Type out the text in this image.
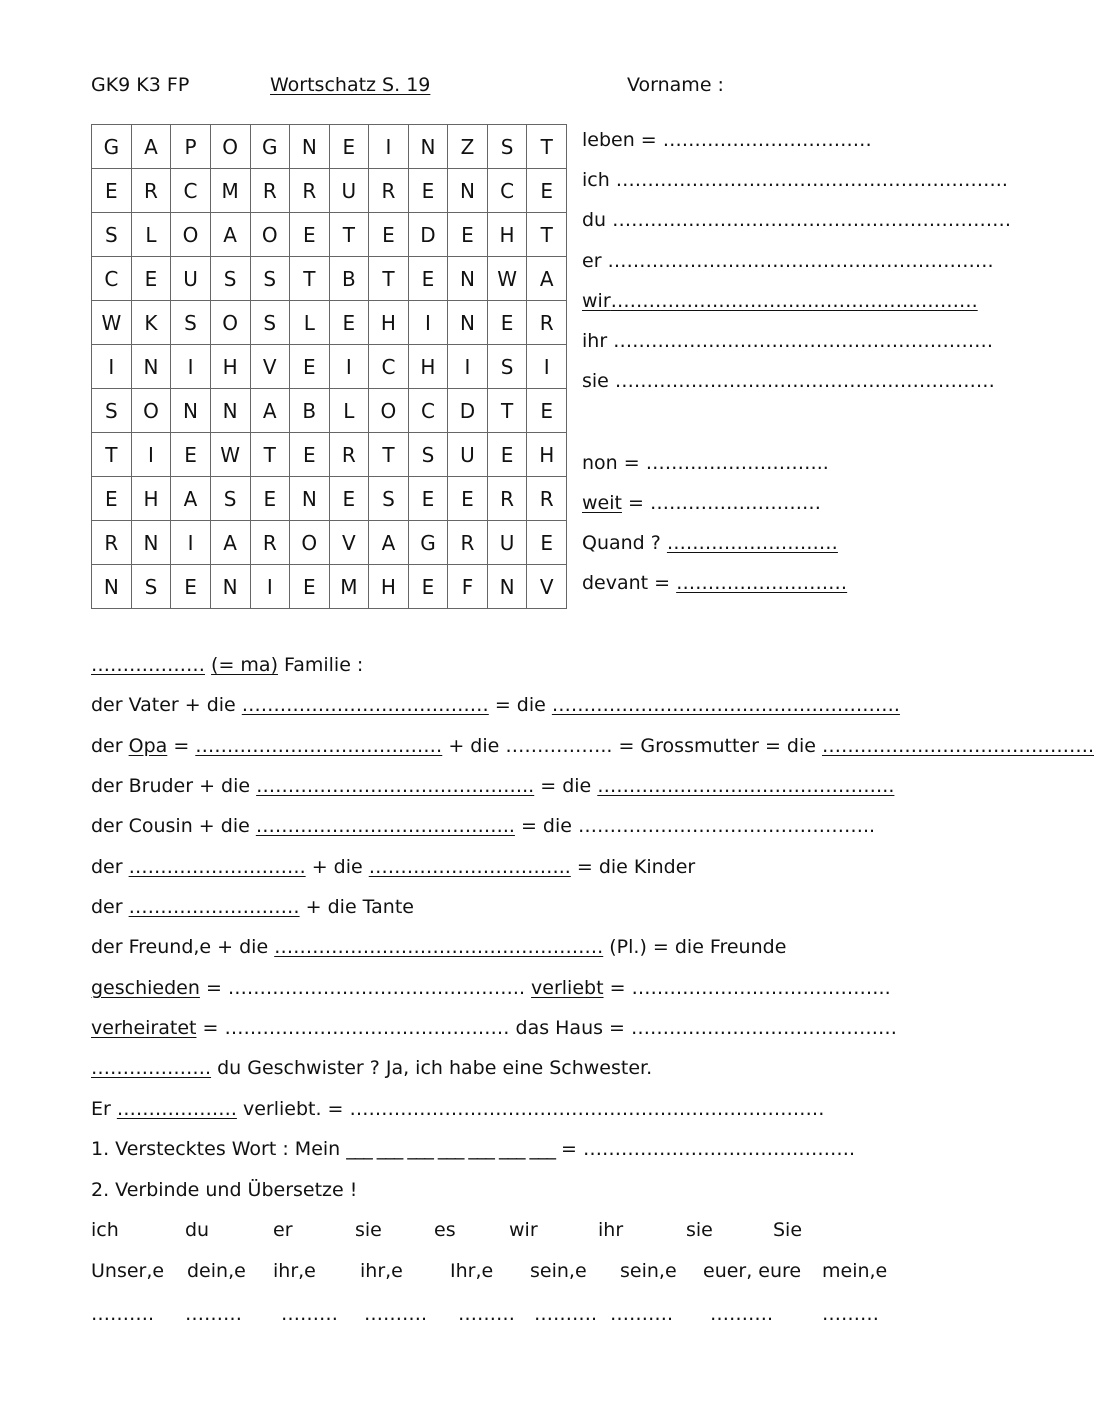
GK9 K3 FP	Wortschatz S. 19	Vorname :
G	A	P	O	G	N	E	I	N	Z	S	T
E	R	C	M	R	R	U	R	E	N	C	E
S	L	O	A	O	E	T	E	D	E	H	T
C	E	U	S	S	T	B	T	E	N	W	A
W	K	S	O	S	L	E	H	I	N	E	R
I	N	I	H	V	E	I	C	H	I	S	I
S	O	N	N	A	B	L	O	C	D	T	E
T	I	E	W	T	E	R	T	S	U	E	H
E	H	A	S	E	N	E	S	E	E	R	R
R	N	I	A	R	O	V	A	G	R	U	E
N	S	E	N	I	E	M	H	E	F	N	V
leben = ……………………………
ich ……………………………………………………..
du ………………………………………………………
er …………………………………………………….
wir………………………………………………….
ihr ……………………………………………………
sie ……………………………………………………
non = ………………………..
weit = ………………………
Quand ? ………………………
devant = ………………………
……………… (= ma) Familie :
der Vater + die ………………………………… = die ……………………………………………….
der Opa = ………………………………… + die …………….. = Grossmutter = die …………………………………….
der Bruder + die …………………………………….. = die ………………………………………..
der Cousin + die ………………………………….. = die ………………………………………..
der ………………………. + die ………………………….. = die Kinder
der ……………………… + die Tante
der Freund,e + die ……………………………………………. (Pl.) = die Freunde
geschieden = ……………………………………….. verliebt = …………………………………..
verheiratet = ……………………………………… das Haus = ……………………………………
………………. du Geschwister ? Ja, ich habe eine Schwester.
Er ………………. verliebt. = …………………………………………………………………
1. Verstecktes Wort : Mein ___ ___ ___ ___ ___ ___ ___ = …………………………………….
2. Verbinde und Übersetze !
ich	du	er	sie	es	wir	ihr	sie	Sie
Unser,e dein,e ihr,e ihr,e Ihr,e sein,e sein,e euer, eure mein,e
………. ……… ……… ………. ……… ………. ………. ……….	………
